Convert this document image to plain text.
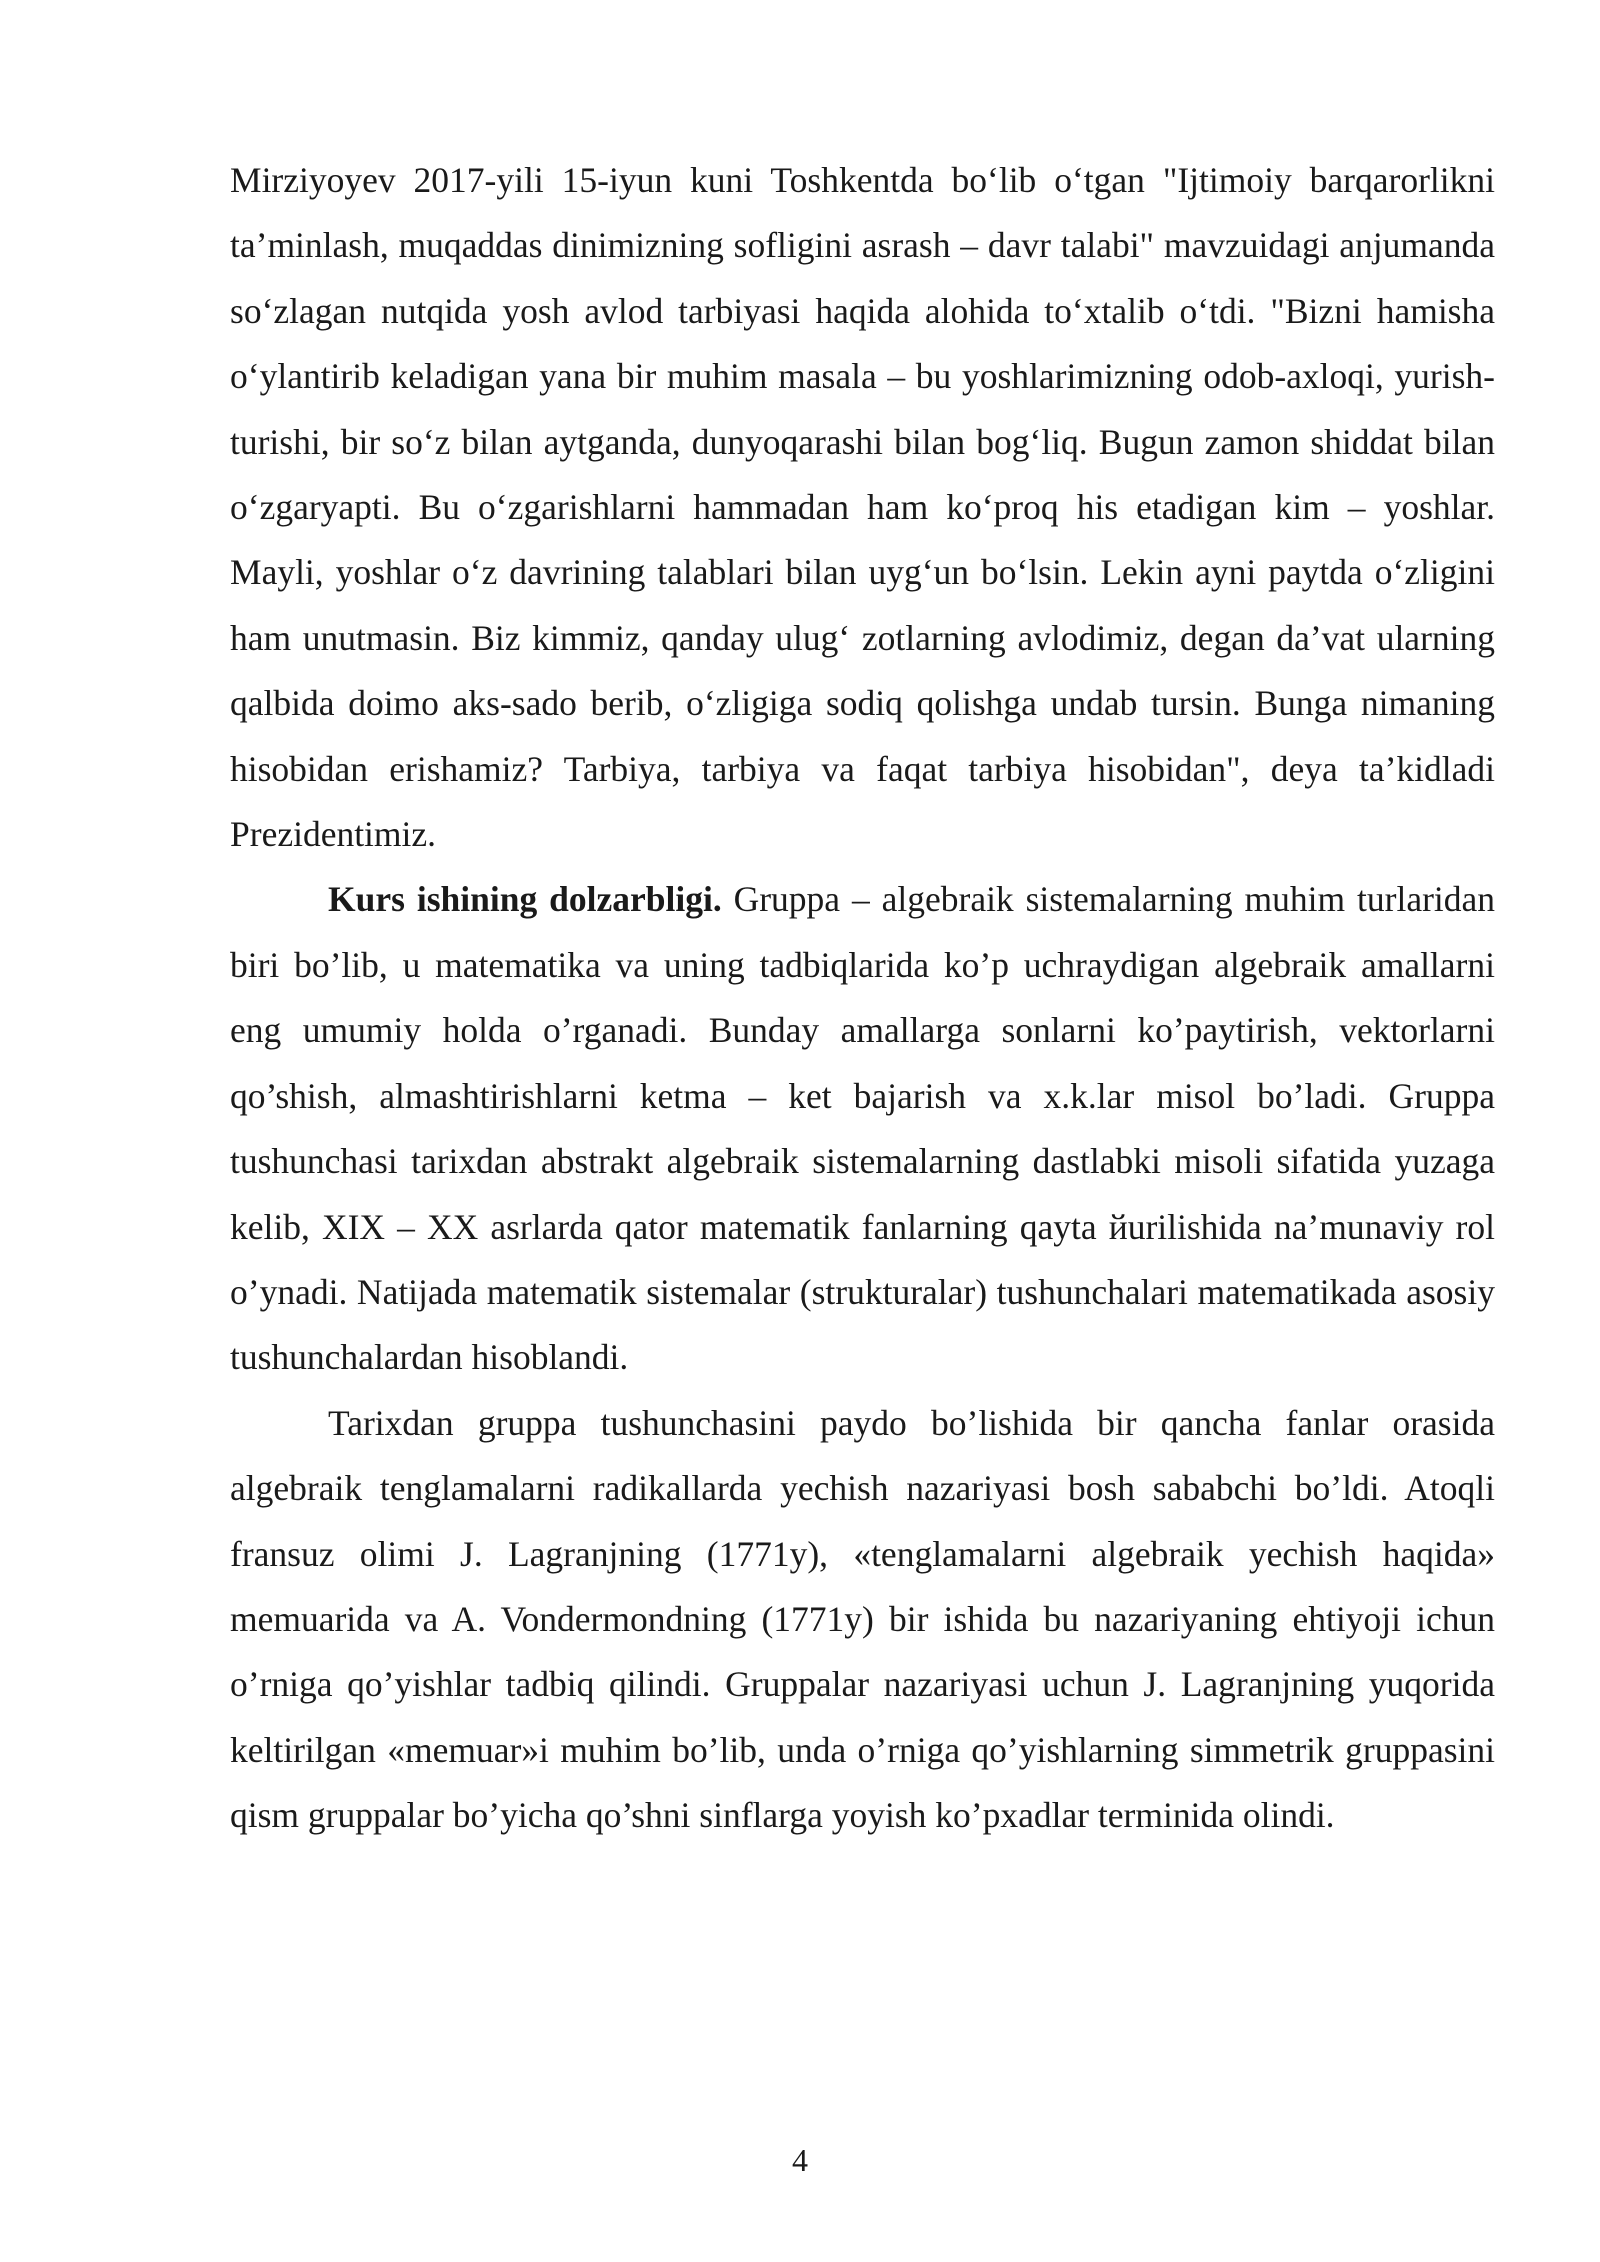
Mirziyoyev 2017-yili 15-iyun kuni Toshkentda bo‘lib o‘tgan "Ijtimoiy barqarorlikni ta’minlash, muqaddas dinimizning sofligini asrash – davr talabi" mavzuidagi anjumanda so‘zlagan nutqida yosh avlod tarbiyasi haqida alohida to‘xtalib o‘tdi. "Bizni hamisha o‘ylantirib keladigan yana bir muhim masala – bu yoshlarimizning odob-axloqi, yurish-turishi, bir so‘z bilan aytganda, dunyoqarashi bilan bog‘liq. Bugun zamon shiddat bilan o‘zgaryapti. Bu o‘zgarishlarni hammadan ham ko‘proq his etadigan kim – yoshlar. Mayli, yoshlar o‘z davrining talablari bilan uyg‘un bo‘lsin. Lekin ayni paytda o‘zligini ham unutmasin. Biz kimmiz, qanday ulug‘ zotlarning avlodimiz, degan da’vat ularning qalbida doimo aks-sado berib, o‘zligiga sodiq qolishga undab tursin. Bunga nimaning hisobidan erishamiz? Tarbiya, tarbiya va faqat tarbiya hisobidan", deya ta’kidladi Prezidentimiz.

Kurs ishining dolzarbligi. Gruppa – algebraik sistemalarning muhim turlaridan biri bo’lib, u matematika va uning tadbiqlarida ko’p uchraydigan algebraik amallarni eng umumiy holda o’rganadi. Bunday amallarga sonlarni ko’paytirish, vektorlarni qo’shish, almashtirishlarni ketma – ket bajarish va x.k.lar misol bo’ladi. Gruppa tushunchasi tarixdan abstrakt algebraik sistemalarning dastlabki misoli sifatida yuzaga kelib, XIX – XX asrlarda qator matematik fanlarning qayta йurilishida na’munaviy rol o’ynadi. Natijada matematik sistemalar (strukturalar) tushunchalari matematikada asosiy tushunchalardan hisoblandi.

Tarixdan gruppa tushunchasini paydo bo’lishida bir qancha fanlar orasida algebraik tenglamalarni radikallarda yechish nazariyasi bosh sababchi bo’ldi. Atoqli fransuz olimi J. Lagranjning (1771y), «tenglamalarni algebraik yechish haqida» memuarida va A. Vondermondning (1771y) bir ishida bu nazariyaning ehtiyoji ichun o’rniga qo’yishlar tadbiq qilindi. Gruppalar nazariyasi uchun J. Lagranjning yuqorida keltirilgan «memuar»i muhim bo’lib, unda o’rniga qo’yishlarning simmetrik gruppasini qism gruppalar bo’yicha qo’shni sinflarga yoyish ko’pxadlar terminida olindi.

4
